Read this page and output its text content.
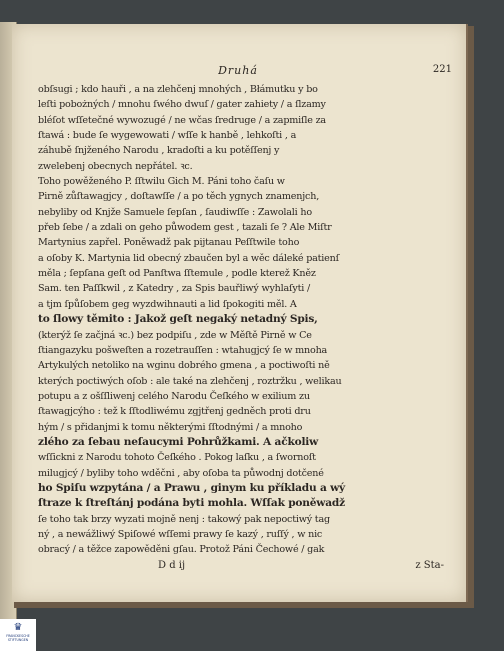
Druhá	221
obſsugi ; kdo hauři , a na zlehčenj mnohých , Błámutku y bo
leſti pobożných / mnohu ſwého dwuſ / gater zahiety / a ſlzamy
bléſot wſſetečné wywozugé / ne wčas ſredruge / a zapmiſle za
ſtawá : bude ſe wygewowati / wſſe k hanbě , lehkoſti , a
záhubě ſnjženého Narodu , kradoſti a ku potěſſenj y
zwelebenj obecnych nepřátel. ꝛc.
Toho powěženého P. ſſtwilu Gich M. Páni toho čaſu w
Pirně zůſtawagjcy , doſtawſſe / a po těch ygnych znamenjch,
nebyliby od Knjže Samuele ſepſan , ſaudiwſſe : Zawolali ho
přeb ſebe / a zdali on geho půwodem gest , tazali ſe ? Ale Miſtr
Martynius zapřel. Poněwadž pak pijtanau Peſſtwile toho
a oſoby K. Martynia lid obecný zbaučen byl a wěc dáleké patienſ
měla ; ſepſana geſt od Panſtwa ſſtemule , podle kterež Kněz
Sam. ten Paſſkwil , z Katedry , za Spis bauřliwý wyhlaſyti /
a tjm ſpůſobem geg wyzdwihnauti a lid ſpokogiti měl. A
to ſlowy těmito : Jakož geſt negaký netadný Spis,
(kterýž ſe začjná ꝛc.) bez podpiſu , zde w Měſtě Pirně w Ce
ſtiangazyku pošweſten a rozetrauſſen : wtahugjcý ſe w mnoha
Artykulých netoliko na wginu dobrého gmena , a poctiwoſti ně
kterých poctiwých oſob : ale také na zlehčenj , roztržku , welikau
potupu a z ošſſliwenj celého Narodu Čeſkého w exilium zu
ſtawagjcýho : tež k ſſtodliwému zgjtřenj gedněch proti dru
hým / s přidanjmi k tomu některými ſſtodnými / a mnoho
zlého za ſebau neſaucymi Pohrůžkami. A ačkoliw
wſſickni z Narodu tohoto Čeſkého . Pokog laſku , a ſwornoſt
milugjcý / byliby toho wděčni , aby oſoba ta půwodnj dotčené
ho Spiſu wzpytána / a Prawu , ginym ku příkladu a wý
ſtraze k ſtreſtánj podána byti mohla. Wſſak poněwadž
ſe toho tak brzy wyzati mojně nenj : takowý pak nepoctiwý tag
ný , a newážliwý Spiſowé wſſemi prawy ſe kazý , ruſſý , w nic
obracý / a těžce zapowěděni gſau. Protož Páni Čechowé / gak
D d ij	z Sta-
♛
FRANCKESCHE STIFTUNGEN
